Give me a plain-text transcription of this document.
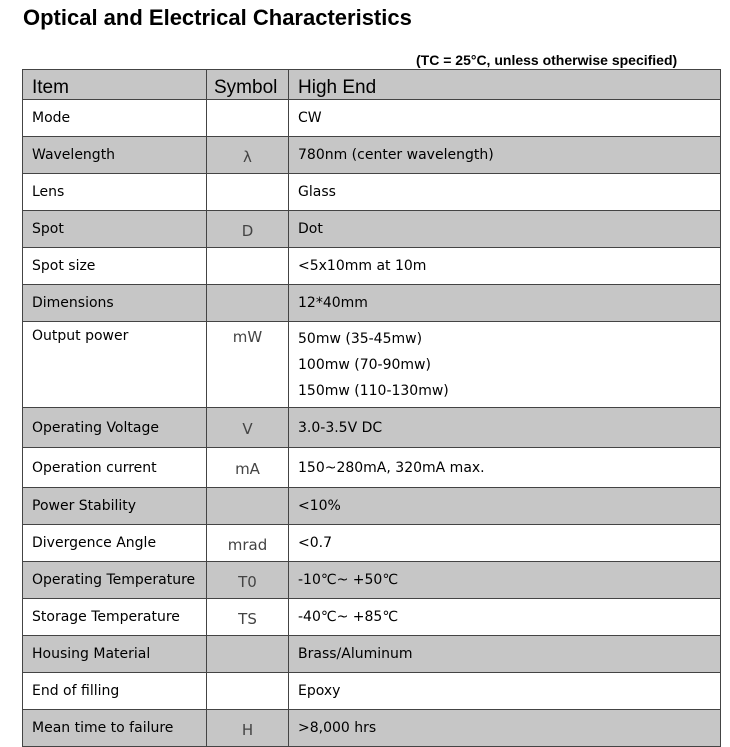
Optical and Electrical Characteristics
(TC = 25°C, unless otherwise specified)
Item	Symbol	High End
Mode		CW
Wavelength	λ	780nm (center wavelength)
Lens		Glass
Spot	D	Dot
Spot size		<5x10mm at 10m
Dimensions		12*40mm
Output power	mW	50mw (35-45mw)
100mw (70-90mw)
150mw (110-130mw)

Operating Voltage	V	3.0-3.5V DC
Operation current	mA	150~280mA, 320mA max.
Power Stability		<10%
Divergence Angle	mrad	<0.7
Operating Temperature	T0	-10℃~ +50℃
Storage Temperature	TS	-40℃~ +85℃
Housing Material		Brass/Aluminum
End of filling		Epoxy
Mean time to failure	H	>8,000 hrs
